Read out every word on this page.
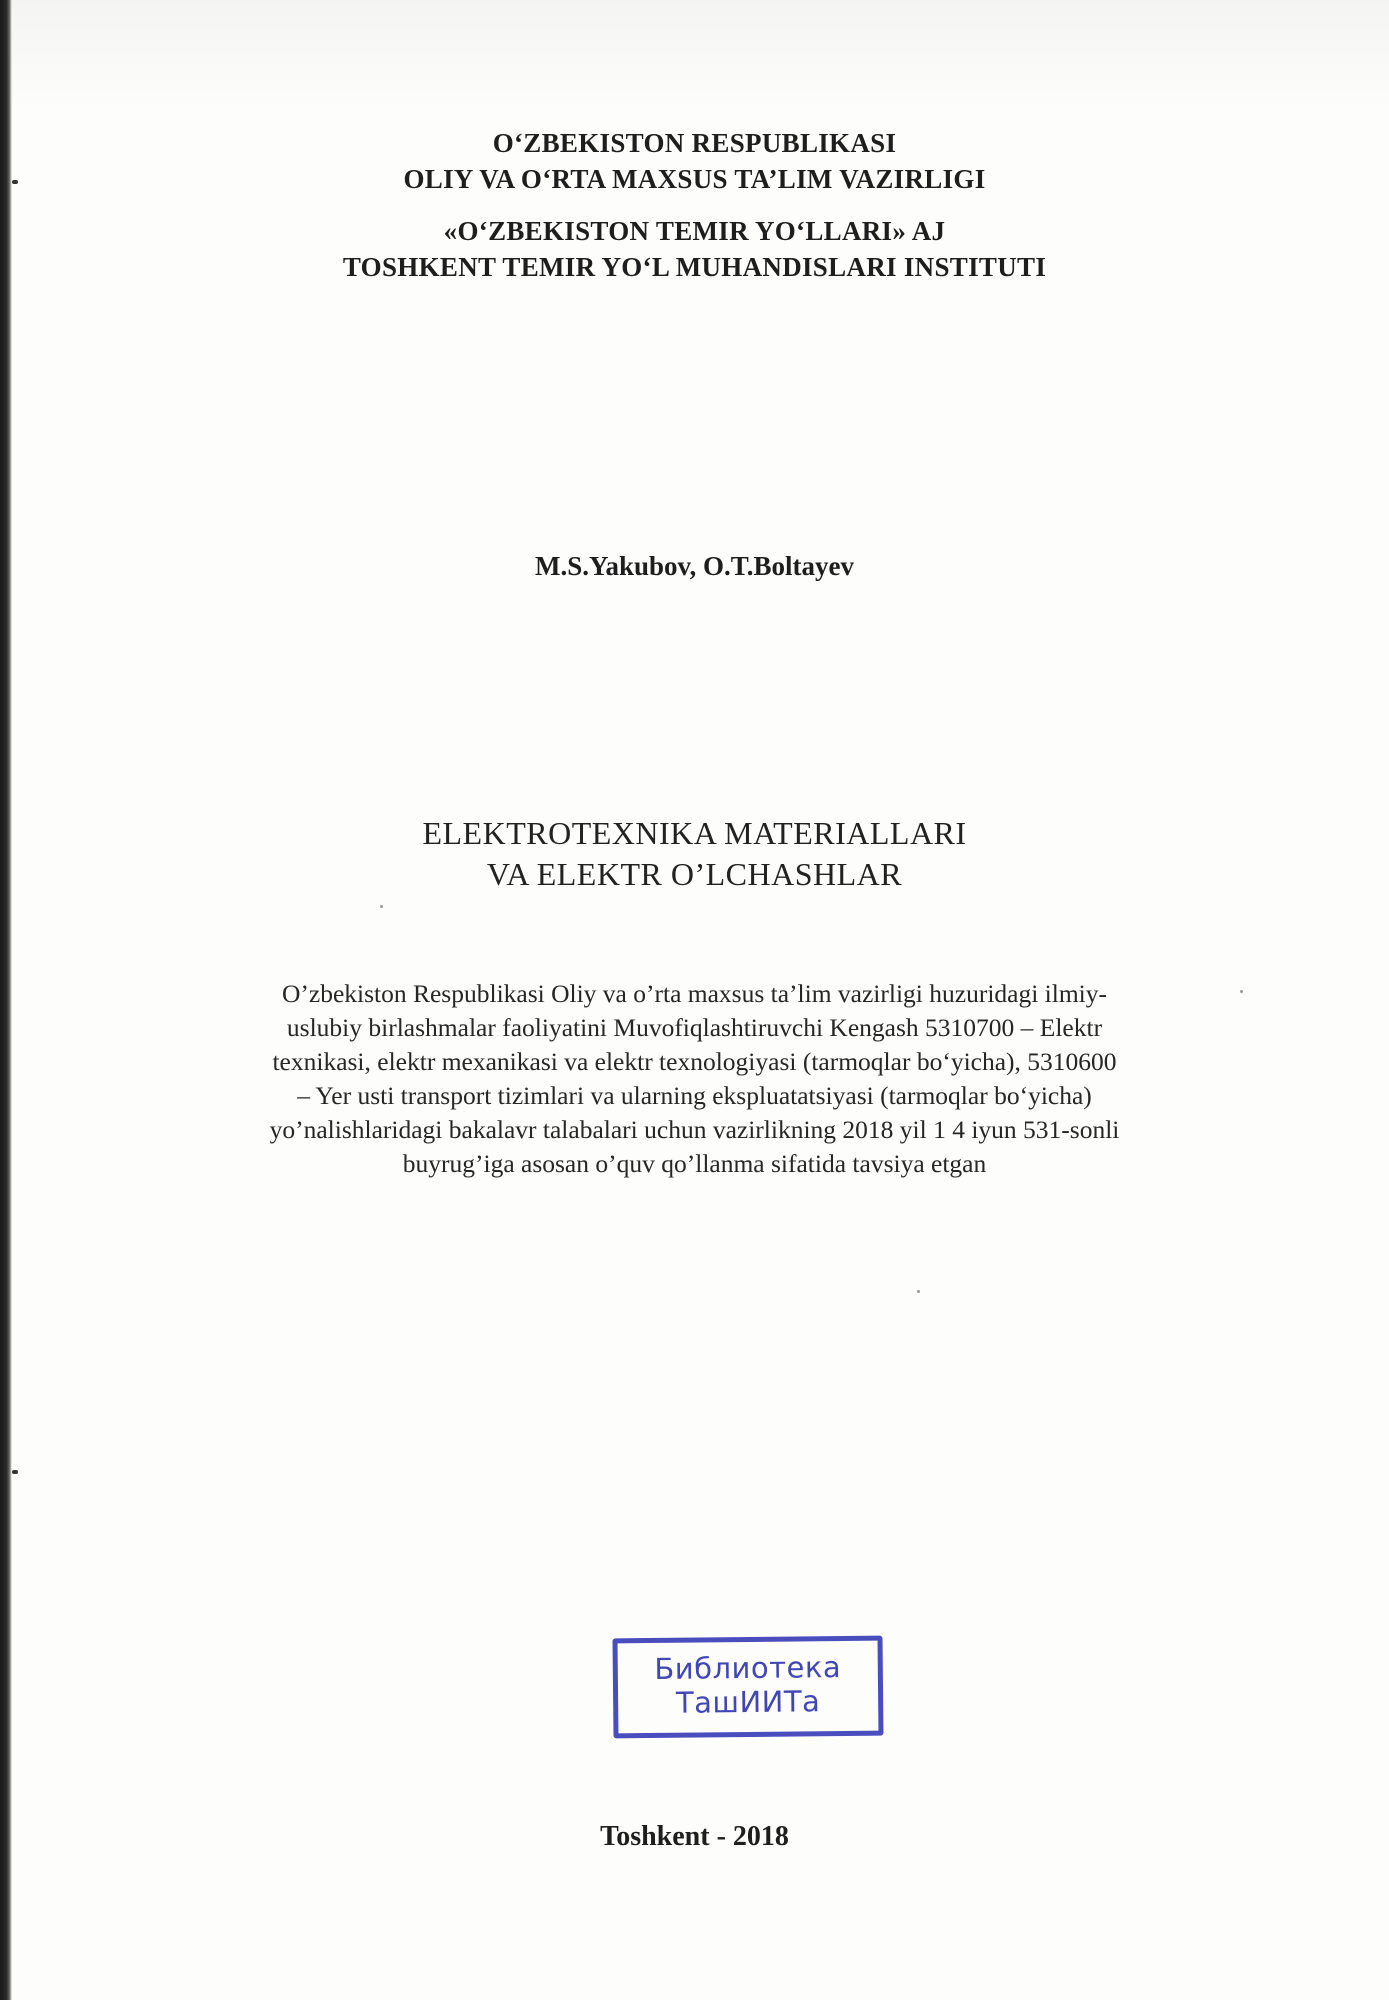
O‘ZBEKISTON RESPUBLIKASI
OLIY VA O‘RTA MAXSUS TA’LIM VAZIRLIGI
«O‘ZBEKISTON TEMIR YO‘LLARI» AJ
TOSHKENT TEMIR YO‘L MUHANDISLARI INSTITUTI
M.S.Yakubov, O.T.Boltayev
ELEKTROTEXNIKA MATERIALLARI
VA ELEKTR O’LCHASHLAR
O’zbekiston Respublikasi Oliy va o’rta maxsus ta’lim vazirligi huzuridagi ilmiy-
uslubiy birlashmalar faoliyatini Muvofiqlashtiruvchi Kengash 5310700 – Elektr
texnikasi, elektr mexanikasi va elektr texnologiyasi (tarmoqlar bo‘yicha), 5310600
– Yer usti transport tizimlari va ularning ekspluatatsiyasi (tarmoqlar bo‘yicha)
yo’nalishlaridagi bakalavr talabalari uchun vazirlikning 2018 yil 1 4 iyun 531-sonli
buyrug’iga asosan o’quv qo’llanma sifatida tavsiya etgan
Библиотека
ТашИИТа
Toshkent - 2018
